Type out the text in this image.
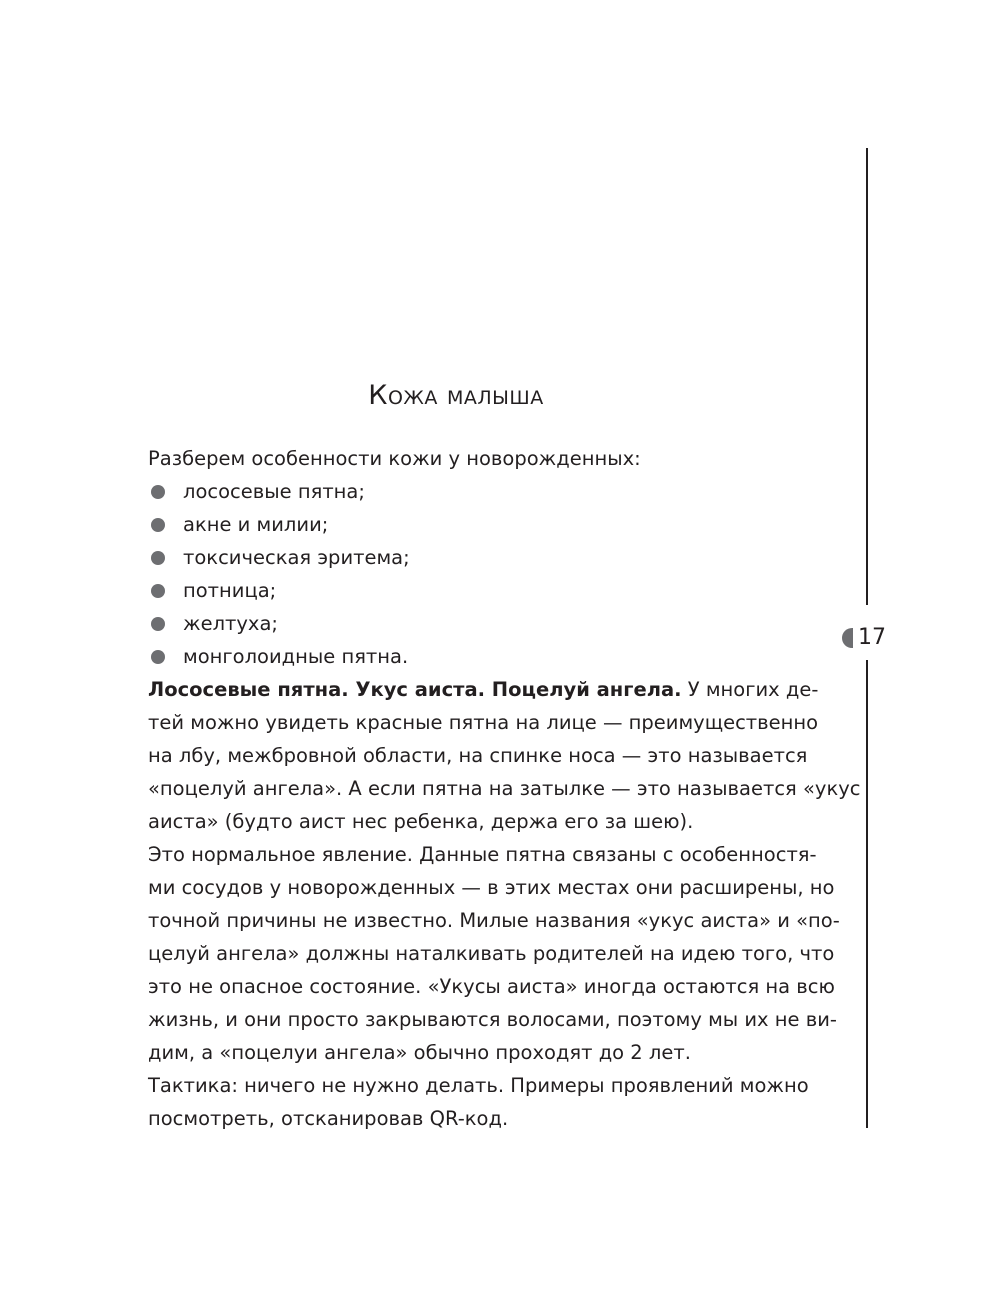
Кожа малыша
Разберем особенности кожи у новорожденных:
лососевые пятна;
акне и милии;
токсическая эритема;
потница;
желтуха;
монголоидные пятна.
Лососевые пятна. Укус аиста. Поцелуй ангела. У многих де-
тей можно увидеть красные пятна на лице — преимущественно
на лбу, межбровной области, на спинке носа — это называется
«поцелуй ангела». А если пятна на затылке — это называется «укус
аиста» (будто аист нес ребенка, держа его за шею).
Это нормальное явление. Данные пятна связаны с особенностя-
ми сосудов у новорожденных — в этих местах они расширены, но
точной причины не известно. Милые названия «укус аиста» и «по-
целуй ангела» должны наталкивать родителей на идею того, что
это не опасное состояние. «Укусы аиста» иногда остаются на всю
жизнь, и они просто закрываются волосами, поэтому мы их не ви-
дим, а «поцелуи ангела» обычно проходят до 2 лет.
Тактика: ничего не нужно делать. Примеры проявлений можно
посмотреть, отсканировав QR-код.
17
